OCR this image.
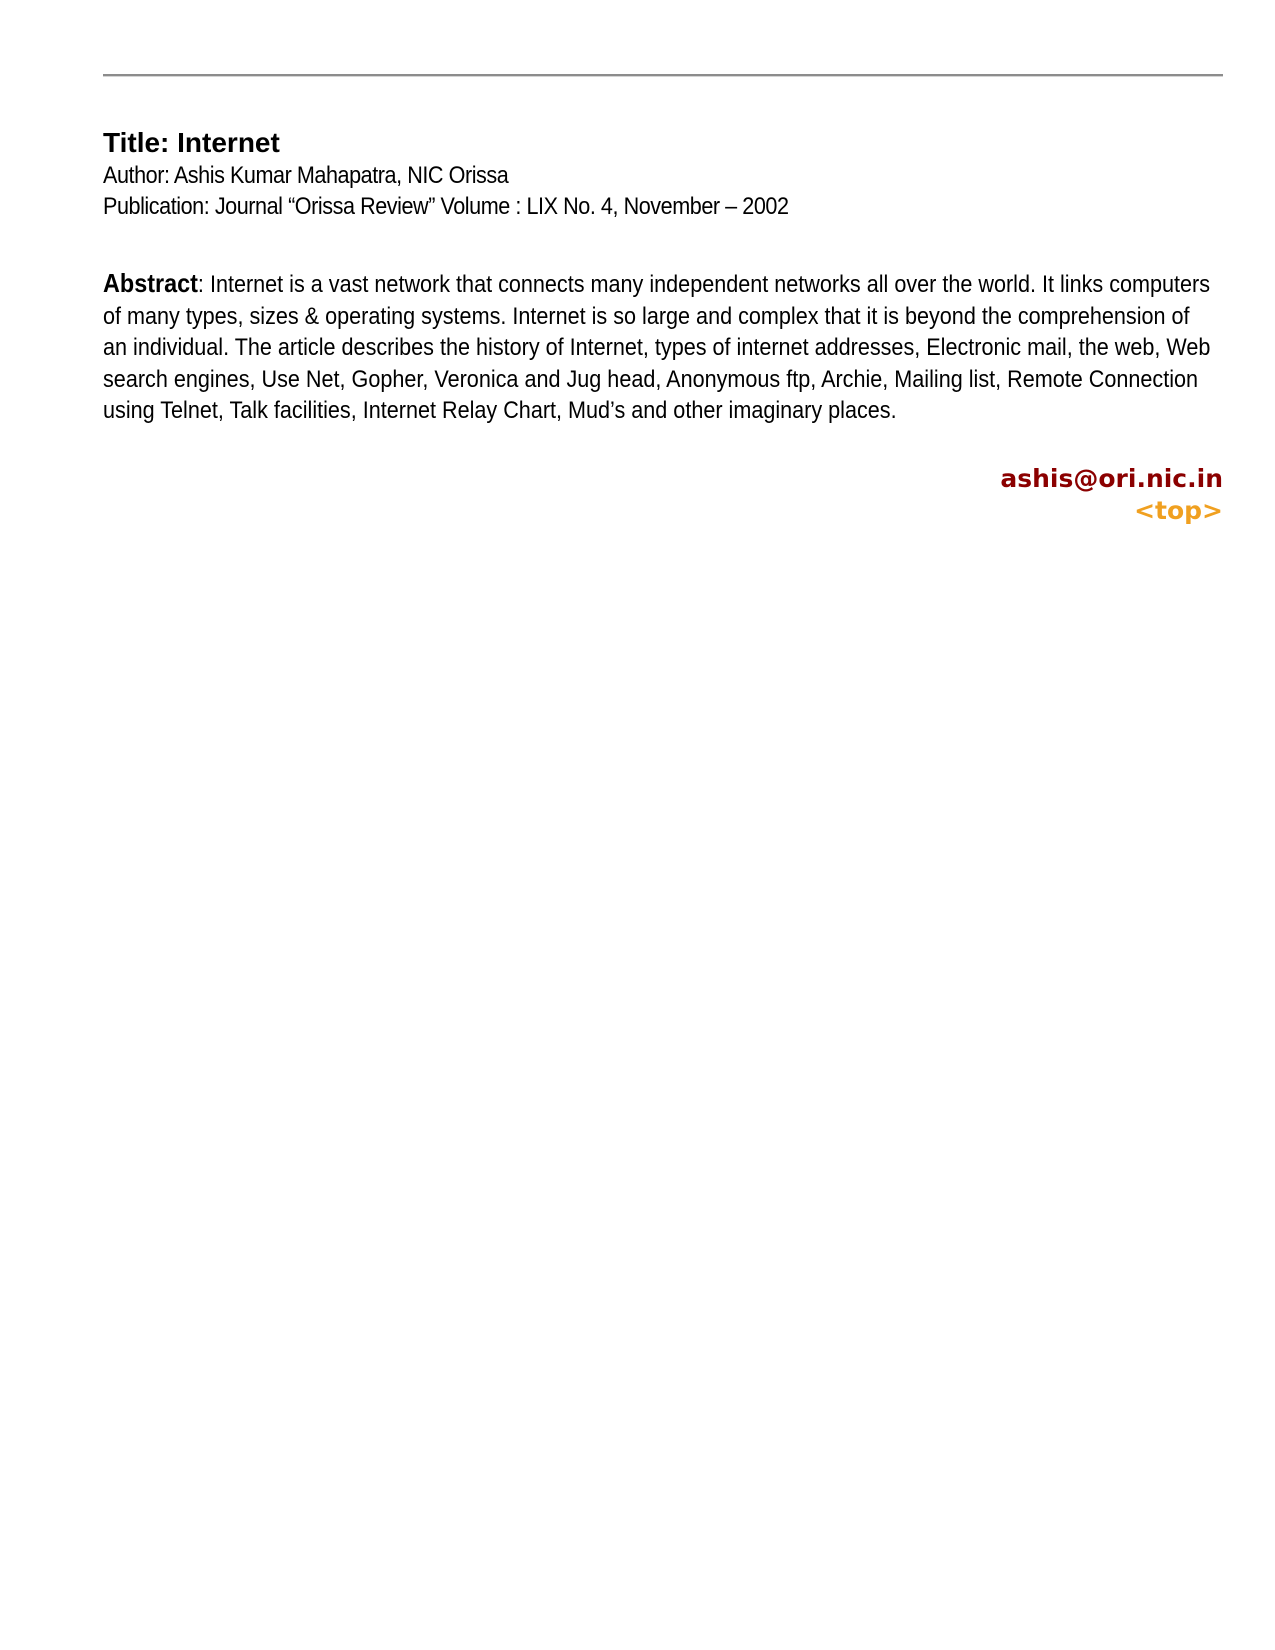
Title: Internet

Author: Ashis Kumar Mahapatra, NIC Orissa

Publication: Journal “Orissa Review” Volume : LIX No. 4, November – 2002

Abstract: Internet is a vast network that connects many independent networks all over the world. It links computers of many types, sizes & operating systems. Internet is so large and complex that it is beyond the comprehension of an individual. The article describes the history of Internet, types of internet addresses, Electronic mail, the web, Web search engines, Use Net, Gopher, Veronica and Jug head, Anonymous ftp, Archie, Mailing list, Remote Connection using Telnet, Talk facilities, Internet Relay Chart, Mud’s and other imaginary places.

ashis@ori.nic.in
<top>
